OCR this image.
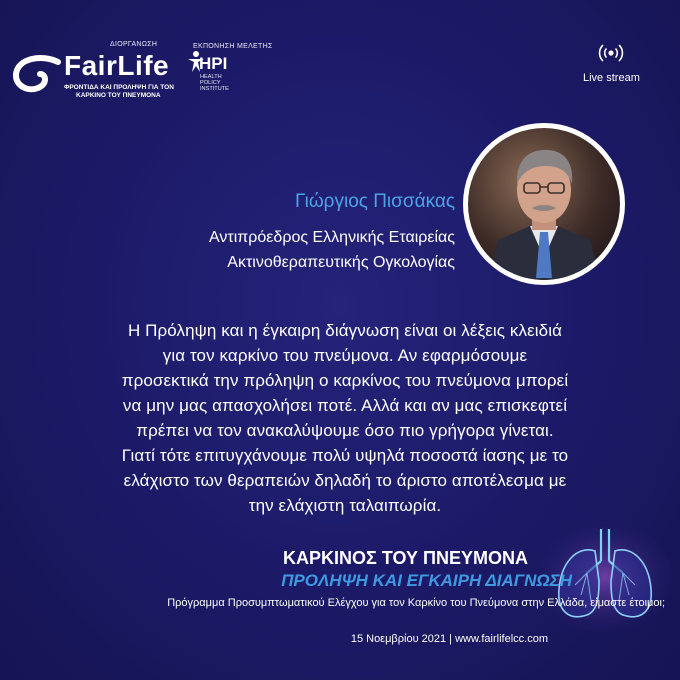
ΔΙΟΡΓΑΝΩΣΗ
FairLife
ΦΡΟΝΤΙΔΑ ΚΑΙ ΠΡΟΛΗΨΗ ΓΙΑ ΤΟΝ
ΚΑΡΚΙΝΟ ΤΟΥ ΠΝΕΥΜΟΝΑ
ΕΚΠΟΝΗΣΗ ΜΕΛΕΤΗΣ
HPI
HEALTH
POLICY
INSTITUTE
Live stream
Γιώργιος Πισσάκας
Αντιπρόεδρος Ελληνικής Εταιρείας
Ακτινοθεραπευτικής Ογκολογίας

Η Πρόληψη και η έγκαιρη διάγνωση είναι οι λέξεις κλειδιά
για τον καρκίνο του πνεύμονα. Αν εφαρμόσουμε
προσεκτικά την πρόληψη ο καρκίνος του πνεύμονα μπορεί
να μην μας απασχολήσει ποτέ. Αλλά και αν μας επισκεφτεί
πρέπει να τον ανακαλύψουμε όσο πιο γρήγορα γίνεται.
Γιατί τότε επιτυγχάνουμε πολύ υψηλά ποσοστά ίασης με το
ελάχιστο των θεραπειών δηλαδή το άριστο αποτέλεσμα με
την ελάχιστη ταλαιπωρία.

ΚΑΡΚΙΝΟΣ ΤΟΥ ΠΝΕΥΜΟΝΑ
ΠΡΟΛΗΨΗ ΚΑΙ ΕΓΚΑΙΡΗ ΔΙΑΓΝΩΣΗ
Πρόγραμμα Προσυμπτωματικού Ελέγχου για τον Καρκίνο του Πνεύμονα στην Ελλάδα, είμαστε έτοιμοι;
15 Νοεμβρίου 2021 | www.fairlifelcc.com
